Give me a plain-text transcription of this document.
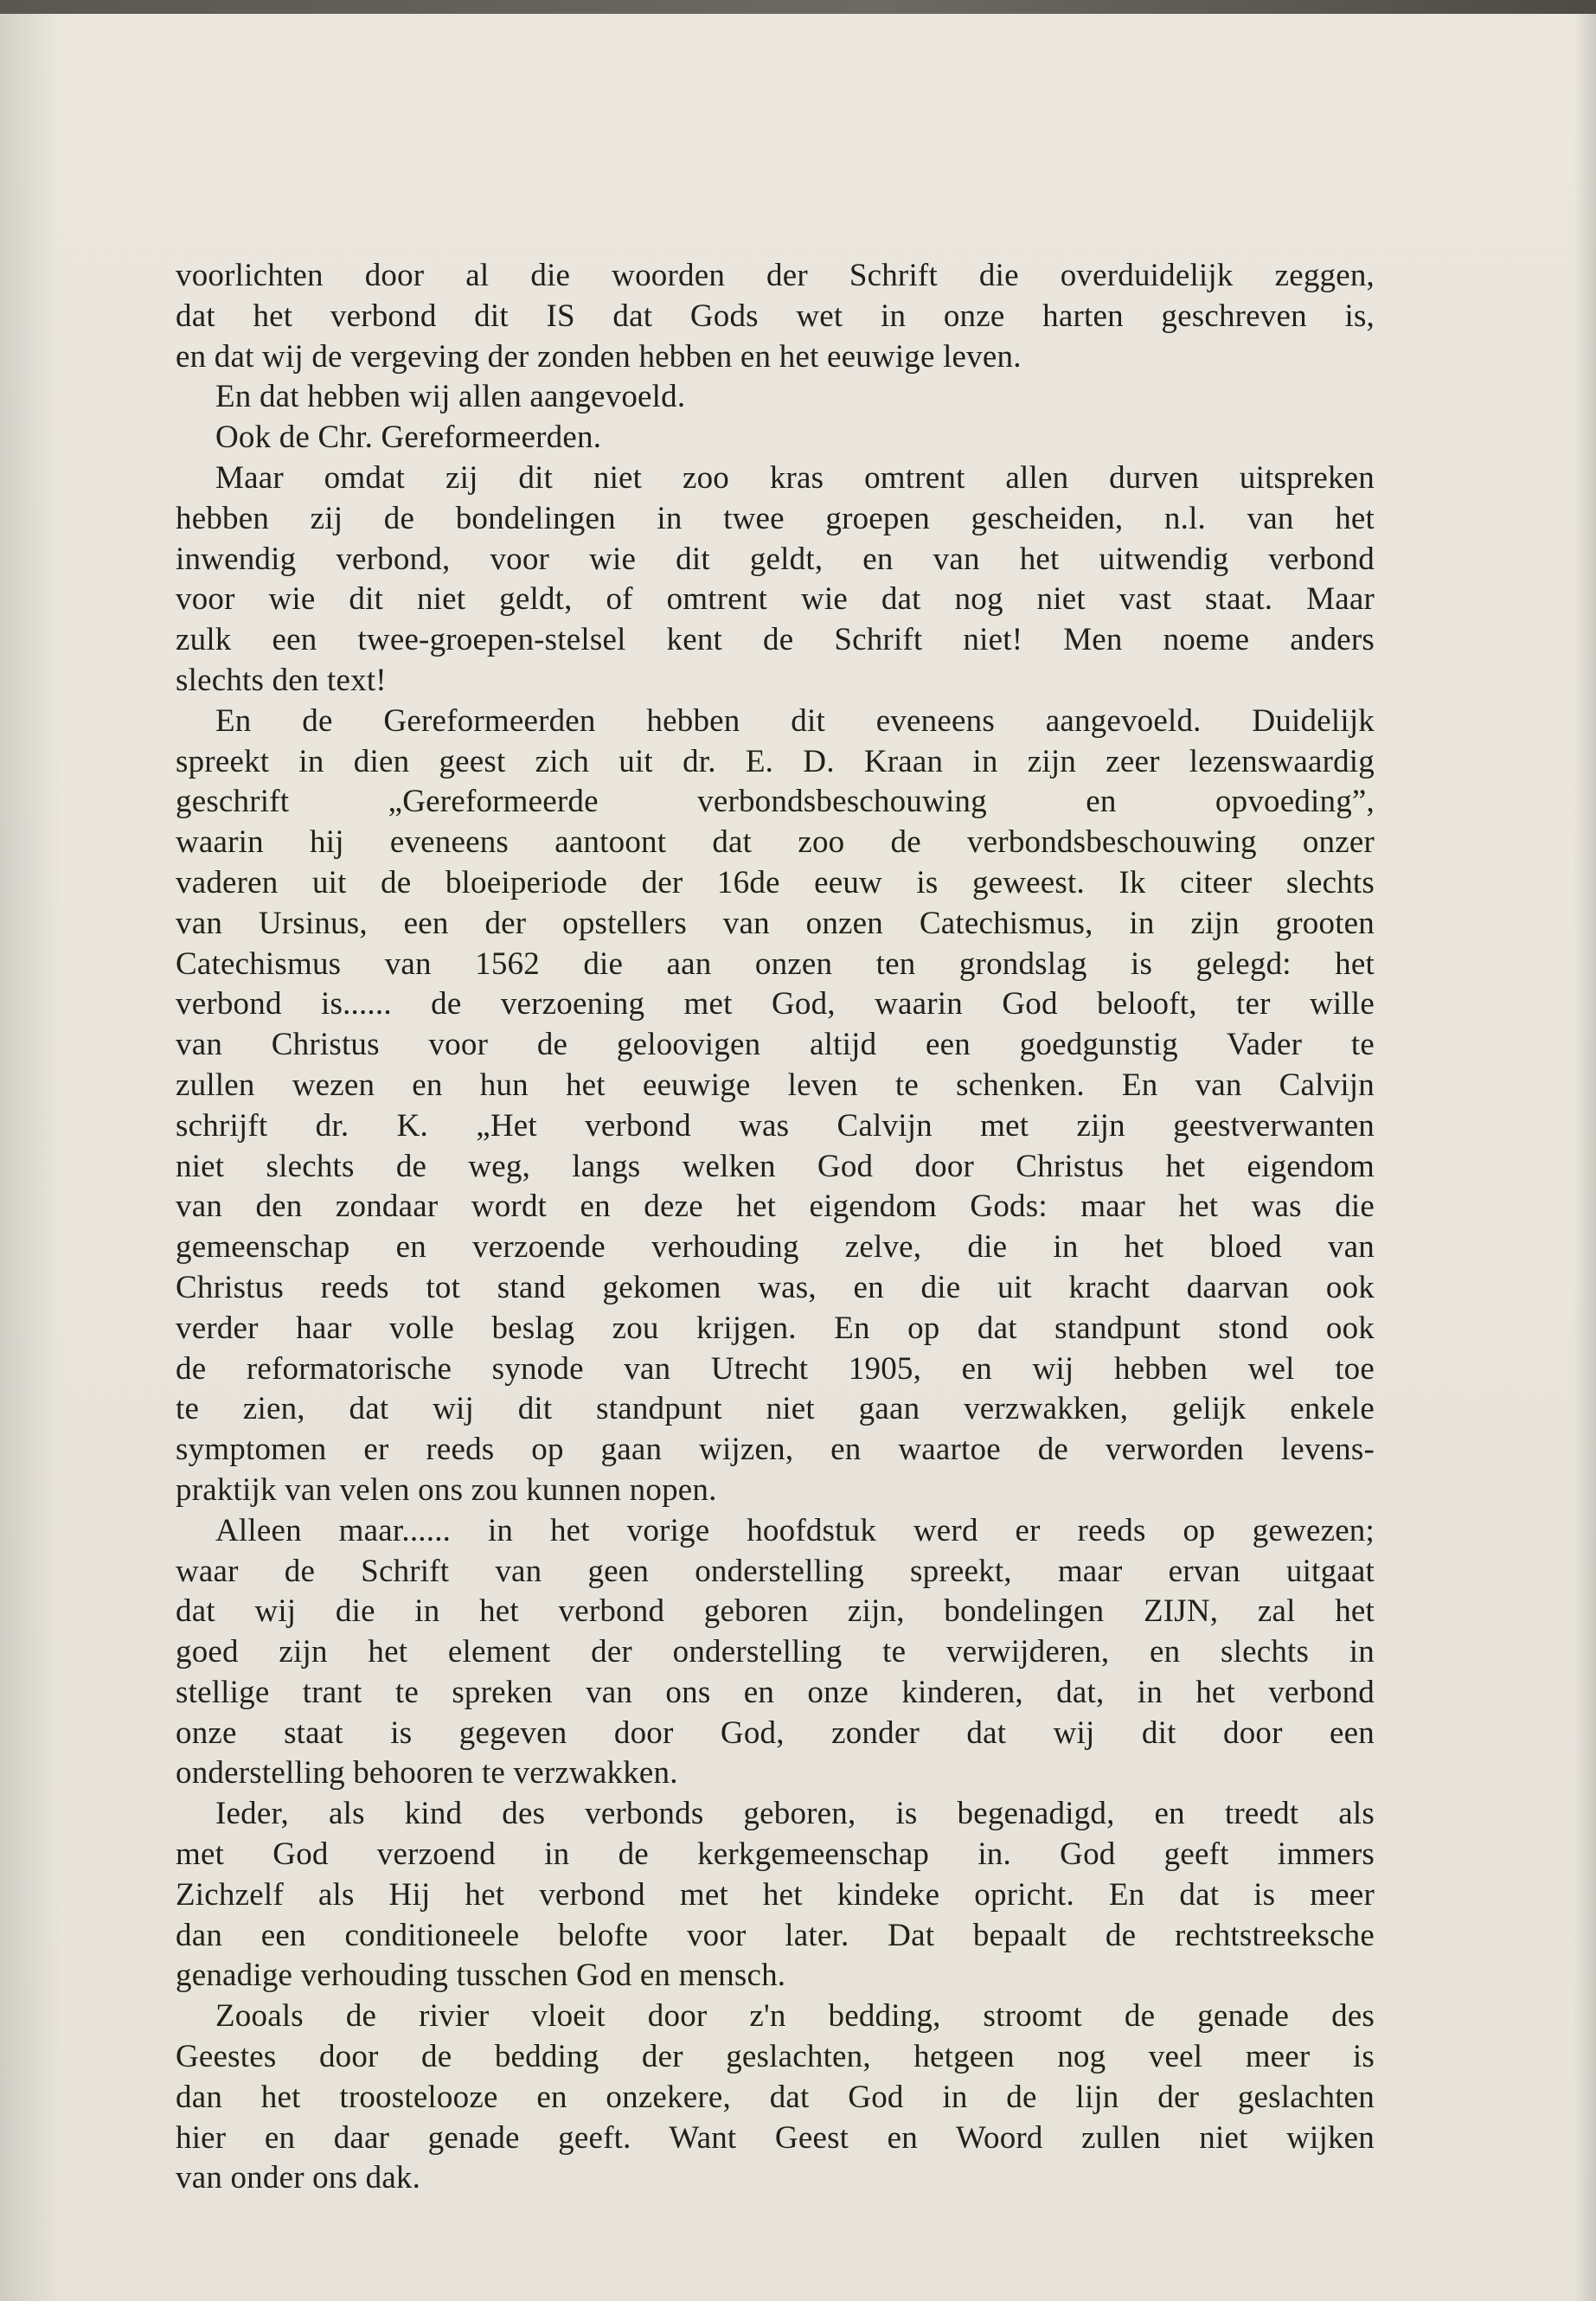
voorlichten door al die woorden der Schrift die overduidelijk zeggen,
dat het verbond dit IS dat Gods wet in onze harten geschreven is,
en dat wij de vergeving der zonden hebben en het eeuwige leven.
En dat hebben wij allen aangevoeld.
Ook de Chr. Gereformeerden.
Maar omdat zij dit niet zoo kras omtrent allen durven uitspreken
hebben zij de bondelingen in twee groepen gescheiden, n.l. van het
inwendig verbond, voor wie dit geldt, en van het uitwendig verbond
voor wie dit niet geldt, of omtrent wie dat nog niet vast staat. Maar
zulk een twee-groepen-stelsel kent de Schrift niet! Men noeme anders
slechts den text!
En de Gereformeerden hebben dit eveneens aangevoeld. Duidelijk
spreekt in dien geest zich uit dr. E. D. Kraan in zijn zeer lezenswaardig
geschrift „Gereformeerde verbondsbeschouwing en opvoeding”,
waarin hij eveneens aantoont dat zoo de verbondsbeschouwing onzer
vaderen uit de bloeiperiode der 16de eeuw is geweest. Ik citeer slechts
van Ursinus, een der opstellers van onzen Catechismus, in zijn grooten
Catechismus van 1562 die aan onzen ten grondslag is gelegd: het
verbond is...... de verzoening met God, waarin God belooft, ter wille
van Christus voor de geloovigen altijd een goedgunstig Vader te
zullen wezen en hun het eeuwige leven te schenken. En van Calvijn
schrijft dr. K. „Het verbond was Calvijn met zijn geestverwanten
niet slechts de weg, langs welken God door Christus het eigendom
van den zondaar wordt en deze het eigendom Gods: maar het was die
gemeenschap en verzoende verhouding zelve, die in het bloed van
Christus reeds tot stand gekomen was, en die uit kracht daarvan ook
verder haar volle beslag zou krijgen. En op dat standpunt stond ook
de reformatorische synode van Utrecht 1905, en wij hebben wel toe
te zien, dat wij dit standpunt niet gaan verzwakken, gelijk enkele
symptomen er reeds op gaan wijzen, en waartoe de verworden levens-
praktijk van velen ons zou kunnen nopen.
Alleen maar...... in het vorige hoofdstuk werd er reeds op gewezen;
waar de Schrift van geen onderstelling spreekt, maar ervan uitgaat
dat wij die in het verbond geboren zijn, bondelingen ZIJN, zal het
goed zijn het element der onderstelling te verwijderen, en slechts in
stellige trant te spreken van ons en onze kinderen, dat, in het verbond
onze staat is gegeven door God, zonder dat wij dit door een
onderstelling behooren te verzwakken.
Ieder, als kind des verbonds geboren, is begenadigd, en treedt als
met God verzoend in de kerkgemeenschap in. God geeft immers
Zichzelf als Hij het verbond met het kindeke opricht. En dat is meer
dan een conditioneele belofte voor later. Dat bepaalt de rechtstreeksche
genadige verhouding tusschen God en mensch.
Zooals de rivier vloeit door z'n bedding, stroomt de genade des
Geestes door de bedding der geslachten, hetgeen nog veel meer is
dan het troostelooze en onzekere, dat God in de lijn der geslachten
hier en daar genade geeft. Want Geest en Woord zullen niet wijken
van onder ons dak.
